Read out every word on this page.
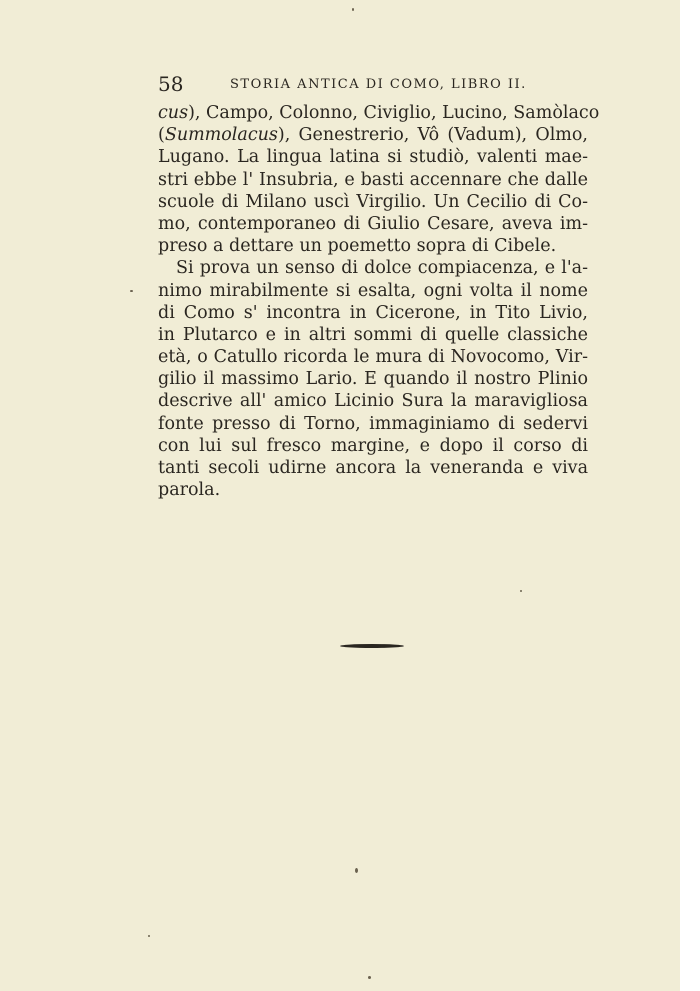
58	STORIA ANTICA DI COMO, LIBRO II.
cus), Campo, Colonno, Civiglio, Lucino, Samòlaco
(Summolacus), Genestrerio, Vô (Vadum), Olmo,
Lugano. La lingua latina si studiò, valenti mae-
stri ebbe l' Insubria, e basti accennare che dalle
scuole di Milano uscì Virgilio. Un Cecilio di Co-
mo, contemporaneo di Giulio Cesare, aveva im-
preso a dettare un poemetto sopra di Cibele.
Si prova un senso di dolce compiacenza, e l'a-
nimo mirabilmente si esalta, ogni volta il nome
di Como s' incontra in Cicerone, in Tito Livio,
in Plutarco e in altri sommi di quelle classiche
età, o Catullo ricorda le mura di Novocomo, Vir-
gilio il massimo Lario. E quando il nostro Plinio
descrive all' amico Licinio Sura la maravigliosa
fonte presso di Torno, immaginiamo di sedervi
con lui sul fresco margine, e dopo il corso di
tanti secoli udirne ancora la veneranda e viva
parola.
